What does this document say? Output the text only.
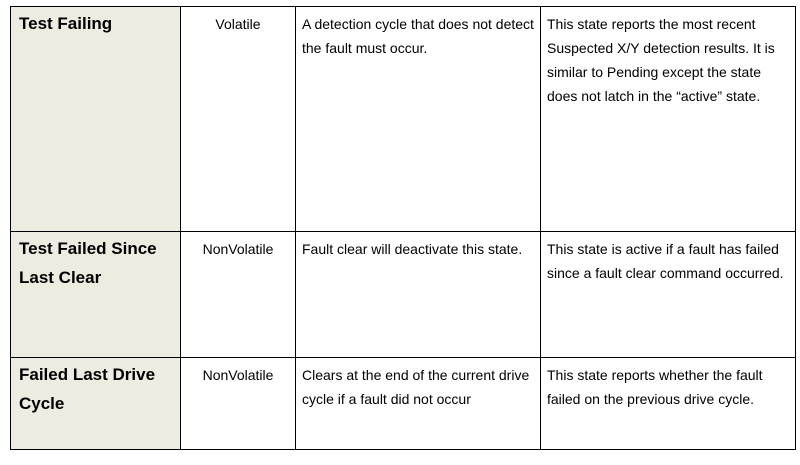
Test Failing	Volatile	A detection cycle that does not detect the fault must occur.	This state reports the most recent Suspected X/Y detection results. It is similar to Pending except the state does not latch in the “active” state.
Test Failed Since Last Clear	NonVolatile	Fault clear will deactivate this state.	This state is active if a fault has failed since a fault clear command occurred.
Failed Last Drive Cycle	NonVolatile	Clears at the end of the current drive cycle if a fault did not occur	This state reports whether the fault failed on the previous drive cycle.
